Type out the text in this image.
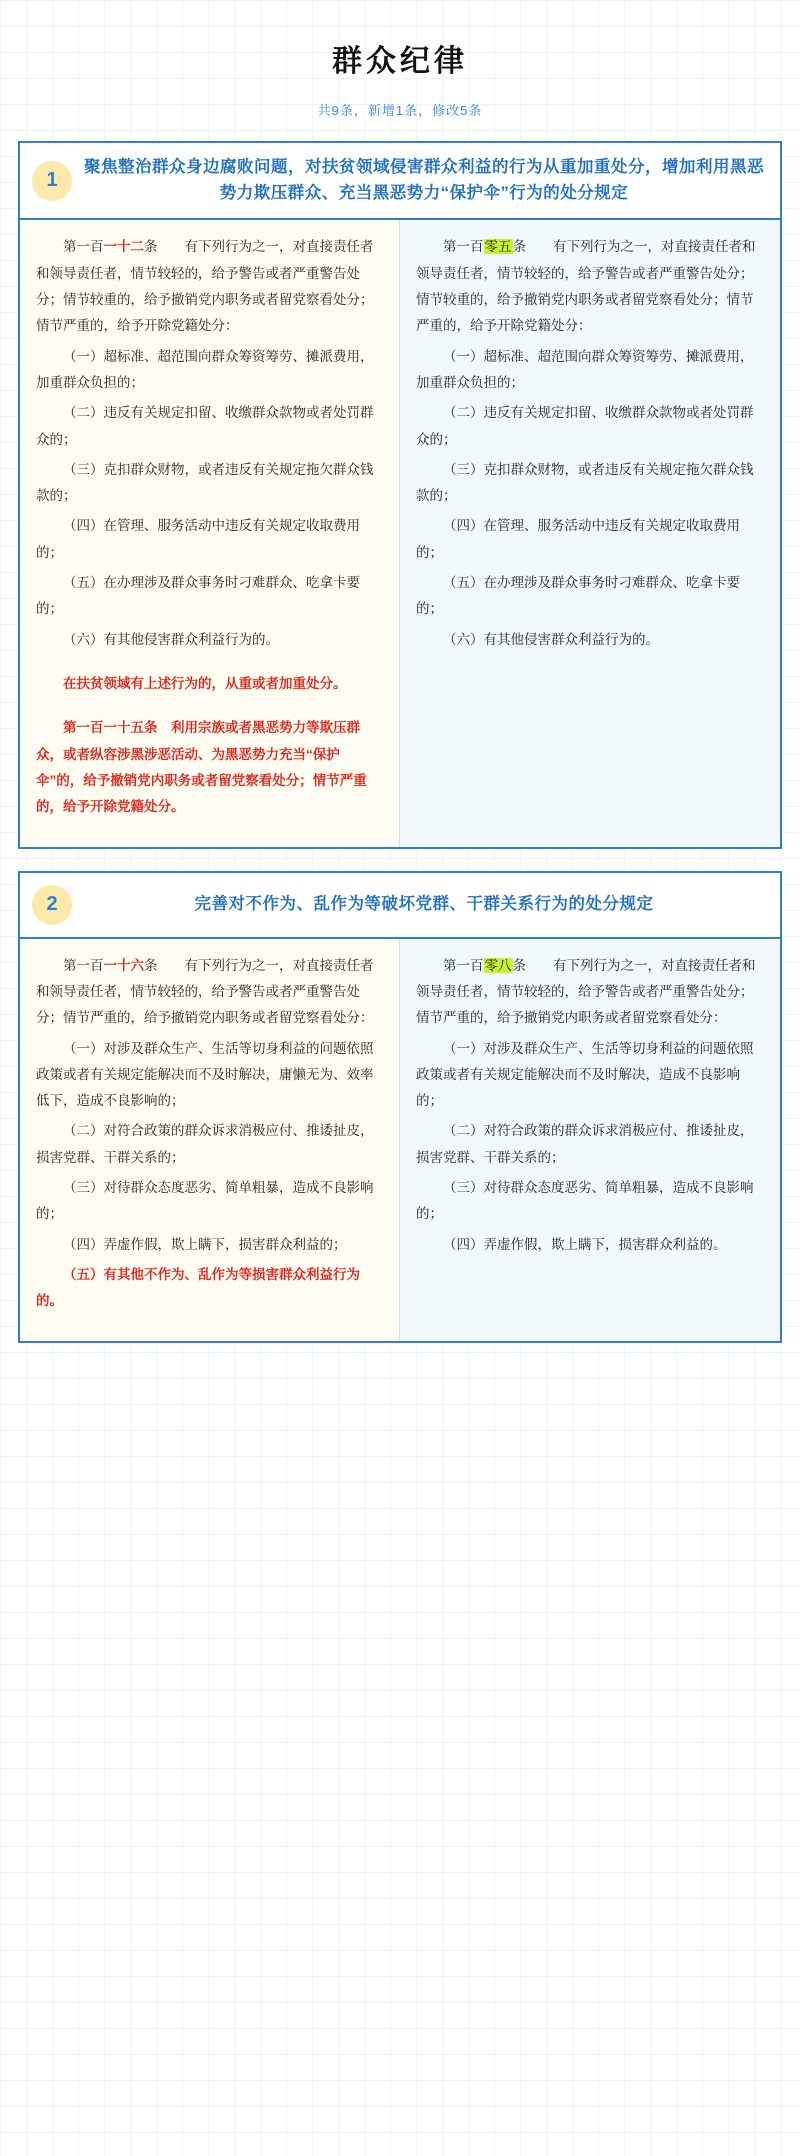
群众纪律
共9条，新增1条，修改5条
1
聚焦整治群众身边腐败问题，对扶贫领域侵害群众利益的行为从重加重处分，增加利用黑恶势力欺压群众、充当黑恶势力“保护伞”行为的处分规定

第一百一十二条　　 有下列行为之一，对直接责任者和领导责任者，情节较轻的，给予警告或者严重警告处分；情节较重的，给予撤销党内职务或者留党察看处分；情节严重的，给予开除党籍处分：

（一）超标准、超范围向群众筹资筹劳、摊派费用，加重群众负担的；

（二）违反有关规定扣留、收缴群众款物或者处罚群众的；

（三）克扣群众财物，或者违反有关规定拖欠群众钱款的；

（四）在管理、服务活动中违反有关规定收取费用的；

（五）在办理涉及群众事务时刁难群众、吃拿卡要的；

（六）有其他侵害群众利益行为的。

在扶贫领域有上述行为的，从重或者加重处分。

第一百一十五条　利用宗族或者黑恶势力等欺压群众，或者纵容涉黑涉恶活动、为黑恶势力充当“保护伞”的，给予撤销党内职务或者留党察看处分；情节严重的，给予开除党籍处分。

第一百零五条　　 有下列行为之一，对直接责任者和领导责任者，情节较轻的，给予警告或者严重警告处分；情节较重的，给予撤销党内职务或者留党察看处分；情节严重的，给予开除党籍处分：

（一）超标准、超范围向群众筹资筹劳、摊派费用，加重群众负担的；

（二）违反有关规定扣留、收缴群众款物或者处罚群众的；

（三）克扣群众财物，或者违反有关规定拖欠群众钱款的；

（四）在管理、服务活动中违反有关规定收取费用的；

（五）在办理涉及群众事务时刁难群众、吃拿卡要的；

（六）有其他侵害群众利益行为的。

2	完善对不作为、乱作为等破坏党群、干群关系行为的处分规定

第一百一十六条　　 有下列行为之一，对直接责任者和领导责任者，情节较轻的，给予警告或者严重警告处分；情节严重的，给予撤销党内职务或者留党察看处分：

（一）对涉及群众生产、生活等切身利益的问题依照政策或者有关规定能解决而不及时解决，庸懒无为、效率低下，造成不良影响的；

（二）对符合政策的群众诉求消极应付、推诿扯皮，损害党群、干群关系的；

（三）对待群众态度恶劣、简单粗暴，造成不良影响的；

（四）弄虚作假，欺上瞒下，损害群众利益的；

（五）有其他不作为、乱作为等损害群众利益行为的。

第一百零八条　　 有下列行为之一，对直接责任者和领导责任者，情节较轻的，给予警告或者严重警告处分；情节严重的，给予撤销党内职务或者留党察看处分：

（一）对涉及群众生产、生活等切身利益的问题依照政策或者有关规定能解决而不及时解决，造成不良影响的；

（二）对符合政策的群众诉求消极应付、推诿扯皮，损害党群、干群关系的；

（三）对待群众态度恶劣、简单粗暴，造成不良影响的；

（四）弄虚作假，欺上瞒下，损害群众利益的。
